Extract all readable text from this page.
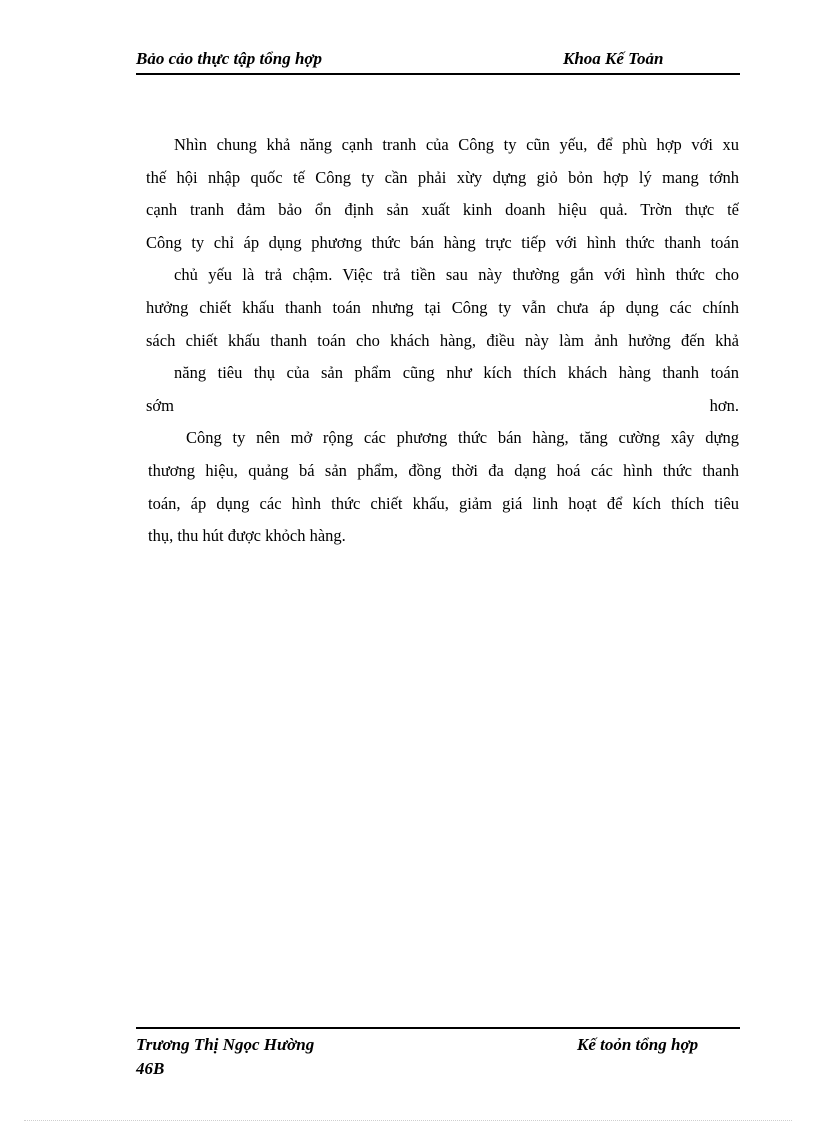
Bảo cảo thực tập tổng hợp	Khoa Kế Toản
Nhìn chung khả năng cạnh tranh của Công ty cũn yếu, để phù hợp với xu
thế hội nhập quốc tế Công ty cần phải xừy dựng giỏ bỏn hợp lý mang tớnh
cạnh tranh đảm bảo ổn định sản xuất kinh doanh hiệu quả. Trờn thực tế
Công ty chỉ áp dụng phương thức bán hàng trực tiếp với hình thức thanh toán
chủ yếu là trả chậm. Việc trả tiền sau này thường gắn với hình thức cho
hưởng chiết khấu thanh toán nhưng tại Công ty vẫn chưa áp dụng các chính
sách chiết khấu thanh toán cho khách hàng, điều này làm ảnh hưởng đến khả
năng tiêu thụ của sản phẩm cũng như kích thích khách hàng thanh toán
sớm	hơn.
Công ty nên mở rộng các phương thức bán hàng, tăng cường xây dựng
thương hiệu, quảng bá sản phẩm, đồng thời đa dạng hoá các hình thức thanh
toán, áp dụng các hình thức chiết khấu, giảm giá linh hoạt để kích thích tiêu
thụ, thu hút được khỏch hàng.
Trương Thị Ngọc Hường	Kế toỏn tổng hợp
46B
